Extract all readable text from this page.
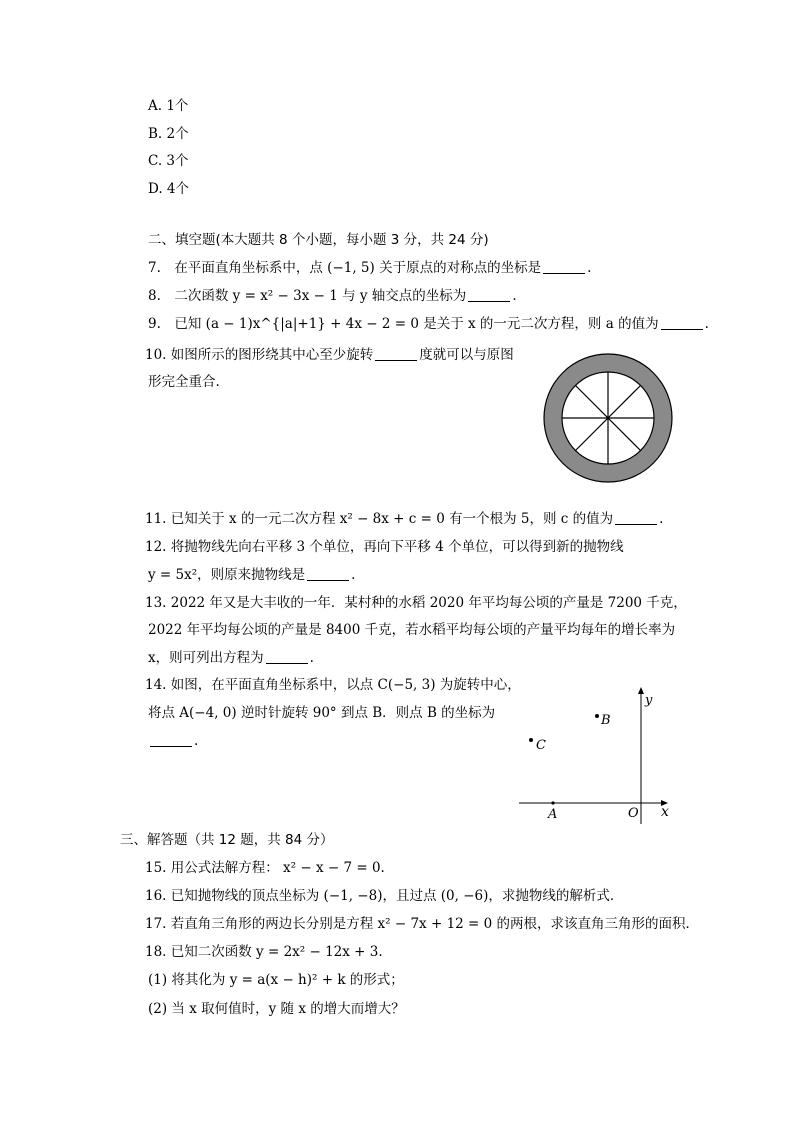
A. 1个
B. 2个
C. 3个
D. 4个
二、填空题(本大题共 8 个小题，每小题 3 分，共 24 分)
7.　在平面直角坐标系中，点 (−1, 5) 关于原点的对称点的坐标是	.
8.　二次函数 y = x² − 3x − 1 与 y 轴交点的坐标为	.
9.　已知 (a − 1)x^{|a|+1} + 4x − 2 = 0 是关于 x 的一元二次方程，则 a 的值为	.
10. 如图所示的图形绕其中心至少旋转	度就可以与原图
形完全重合.
11. 已知关于 x 的一元二次方程 x² − 8x + c = 0 有一个根为 5，则 c 的值为	.
12. 将抛物线先向右平移 3 个单位，再向下平移 4 个单位，可以得到新的抛物线
y = 5x²，则原来抛物线是	.
13. 2022 年又是大丰收的一年．某村种的水稻 2020 年平均每公顷的产量是 7200 千克，
2022 年平均每公顷的产量是 8400 千克，若水稻平均每公顷的产量平均每年的增长率为
x，则可列出方程为	.
14. 如图，在平面直角坐标系中，以点 C(−5, 3) 为旋转中心，
将点 A(−4, 0) 逆时针旋转 90° 到点 B．则点 B 的坐标为
.
y
x
B
C
A	O
三、解答题（共 12 题，共 84 分）
15. 用公式法解方程： x² − x − 7 = 0.
16. 已知抛物线的顶点坐标为 (−1, −8)，且过点 (0, −6)，求抛物线的解析式．
17. 若直角三角形的两边长分别是方程 x² − 7x + 12 = 0 的两根，求该直角三角形的面积．
18. 已知二次函数 y = 2x² − 12x + 3.
(1) 将其化为 y = a(x − h)² + k 的形式；
(2) 当 x 取何值时，y 随 x 的增大而增大？
